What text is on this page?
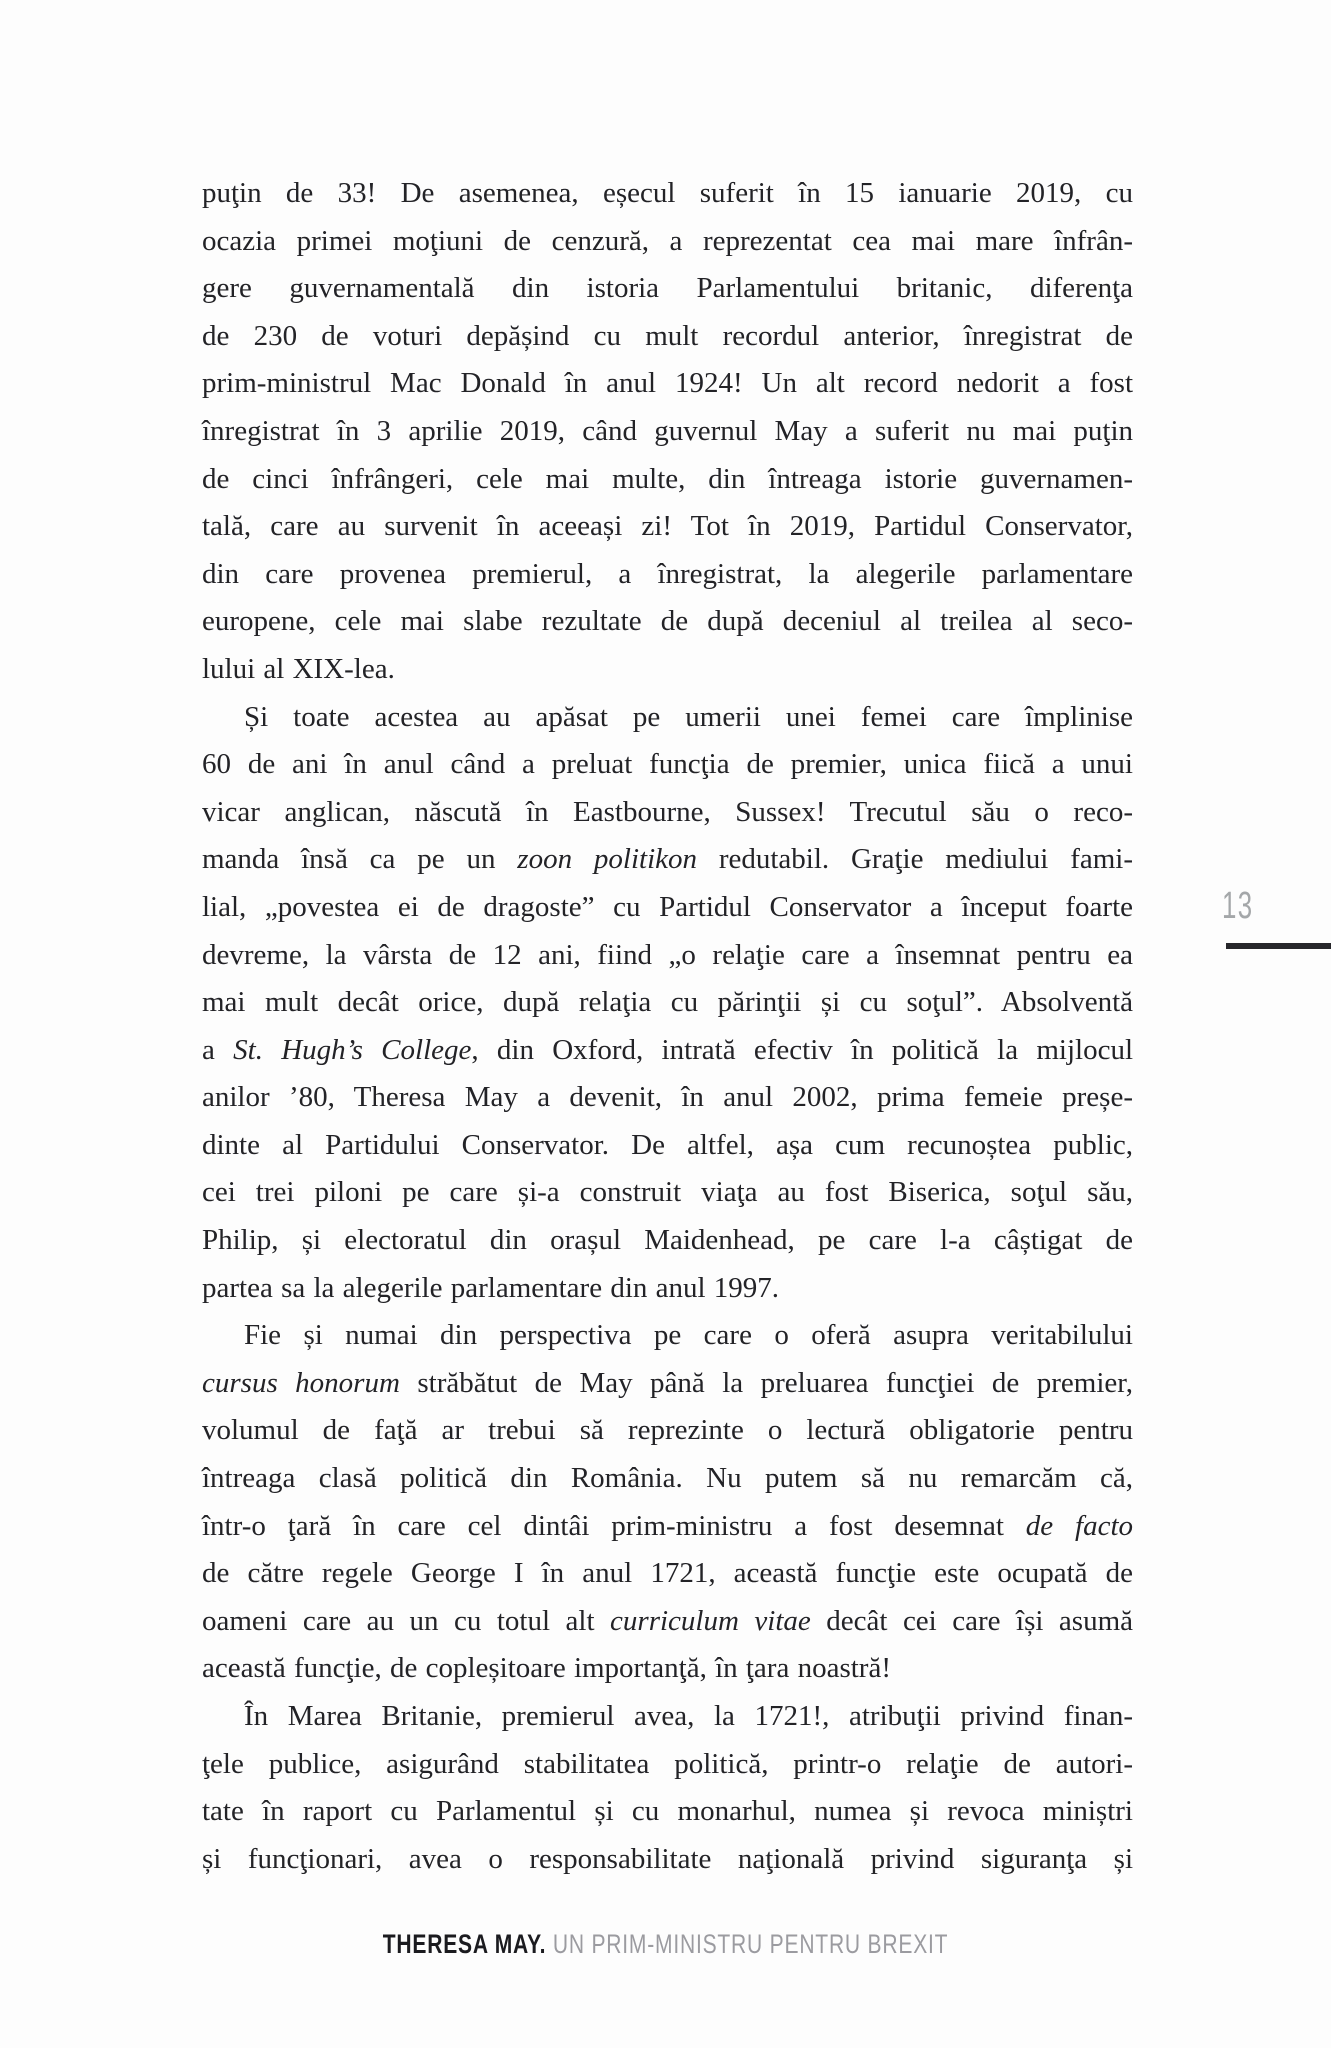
puţin de 33! De asemenea, eșecul suferit în 15 ianuarie 2019, cu
ocazia primei moţiuni de cenzură, a reprezentat cea mai mare înfrân-
gere guvernamentală din istoria Parlamentului britanic, diferenţa
de 230 de voturi depășind cu mult recordul anterior, înregistrat de
prim-ministrul Mac Donald în anul 1924! Un alt record nedorit a fost
înregistrat în 3 aprilie 2019, când guvernul May a suferit nu mai puţin
de cinci înfrângeri, cele mai multe, din întreaga istorie guvernamen-
tală, care au survenit în aceeași zi! Tot în 2019, Partidul Conservator,
din care provenea premierul, a înregistrat, la alegerile parlamentare
europene, cele mai slabe rezultate de după deceniul al treilea al seco-
lului al XIX-lea.
Și toate acestea au apăsat pe umerii unei femei care împlinise
60 de ani în anul când a preluat funcţia de premier, unica fiică a unui
vicar anglican, născută în Eastbourne, Sussex! Trecutul său o reco-
manda însă ca pe un zoon politikon redutabil. Graţie mediului fami-
lial, „povestea ei de dragoste” cu Partidul Conservator a început foarte
devreme, la vârsta de 12 ani, fiind „o relaţie care a însemnat pentru ea
mai mult decât orice, după relaţia cu părinţii și cu soţul”. Absolventă
a St. Hugh’s College, din Oxford, intrată efectiv în politică la mijlocul
anilor ’80, Theresa May a devenit, în anul 2002, prima femeie preșe-
dinte al Partidului Conservator. De altfel, așa cum recunoștea public,
cei trei piloni pe care și-a construit viaţa au fost Biserica, soţul său,
Philip, și electoratul din orașul Maidenhead, pe care l-a câștigat de
partea sa la alegerile parlamentare din anul 1997.
Fie și numai din perspectiva pe care o oferă asupra veritabilului
cursus honorum străbătut de May până la preluarea funcţiei de premier,
volumul de faţă ar trebui să reprezinte o lectură obligatorie pentru
întreaga clasă politică din România. Nu putem să nu remarcăm că,
într-o ţară în care cel dintâi prim-ministru a fost desemnat de facto
de către regele George I în anul 1721, această funcţie este ocupată de
oameni care au un cu totul alt curriculum vitae decât cei care își asumă
această funcţie, de copleșitoare importanţă, în ţara noastră!
În Marea Britanie, premierul avea, la 1721!, atribuţii privind finan-
ţele publice, asigurând stabilitatea politică, printr-o relaţie de autori-
tate în raport cu Parlamentul și cu monarhul, numea și revoca miniștri
și funcţionari, avea o responsabilitate naţională privind siguranţa și
13
THERESA MAY. UN PRIM-MINISTRU PENTRU BREXIT
